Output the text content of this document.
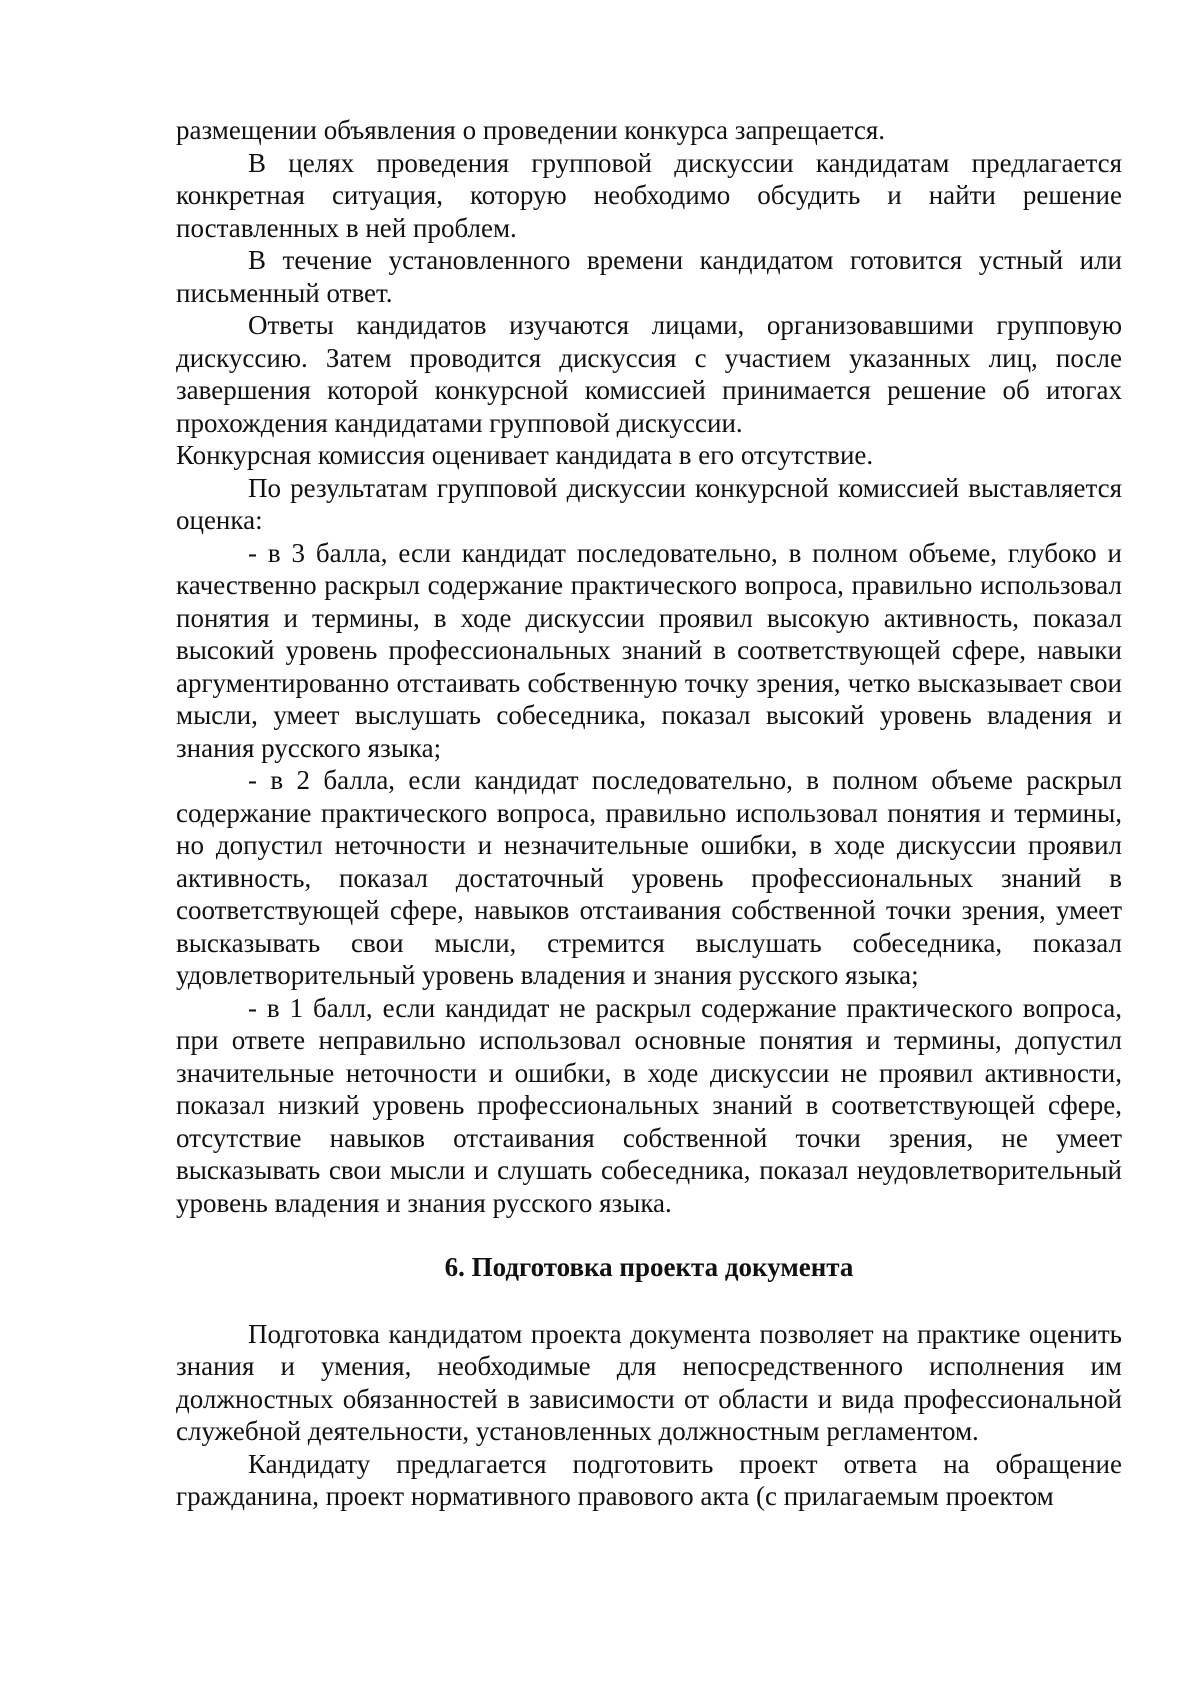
размещении объявления о проведении конкурса запрещается.

В целях проведения групповой дискуссии кандидатам предлагается конкретная ситуация, которую необходимо обсудить и найти решение поставленных в ней проблем.

В течение установленного времени кандидатом готовится устный или письменный ответ.

Ответы кандидатов изучаются лицами, организовавшими групповую дискуссию. Затем проводится дискуссия с участием указанных лиц, после завершения которой конкурсной комиссией принимается решение об итогах прохождения кандидатами групповой дискуссии.

Конкурсная комиссия оценивает кандидата в его отсутствие.

По результатам групповой дискуссии конкурсной комиссией выставляется оценка:

- в 3 балла, если кандидат последовательно, в полном объеме, глубоко и качественно раскрыл содержание практического вопроса, правильно использовал понятия и термины, в ходе дискуссии проявил высокую активность, показал высокий уровень профессиональных знаний в соответствующей сфере, навыки аргументированно отстаивать собственную точку зрения, четко высказывает свои мысли, умеет выслушать собеседника, показал высокий уровень владения и знания русского языка;

- в 2 балла, если кандидат последовательно, в полном объеме раскрыл содержание практического вопроса, правильно использовал понятия и термины, но допустил неточности и незначительные ошибки, в ходе дискуссии проявил активность, показал достаточный уровень профессиональных знаний в соответствующей сфере, навыков отстаивания собственной точки зрения, умеет высказывать свои мысли, стремится выслушать собеседника, показал удовлетворительный уровень владения и знания русского языка;

- в 1 балл, если кандидат не раскрыл содержание практического вопроса, при ответе неправильно использовал основные понятия и термины, допустил значительные неточности и ошибки, в ходе дискуссии не проявил активности, показал низкий уровень профессиональных знаний в соответствующей сфере, отсутствие навыков отстаивания собственной точки зрения, не умеет высказывать свои мысли и слушать собеседника, показал неудовлетворительный уровень владения и знания русского языка.

6. Подготовка проекта документа

Подготовка кандидатом проекта документа позволяет на практике оценить знания и умения, необходимые для непосредственного исполнения им должностных обязанностей в зависимости от области и вида профессиональной служебной деятельности, установленных должностным регламентом.

Кандидату предлагается подготовить проект ответа на обращение гражданина, проект нормативного правового акта (с прилагаемым проектом
